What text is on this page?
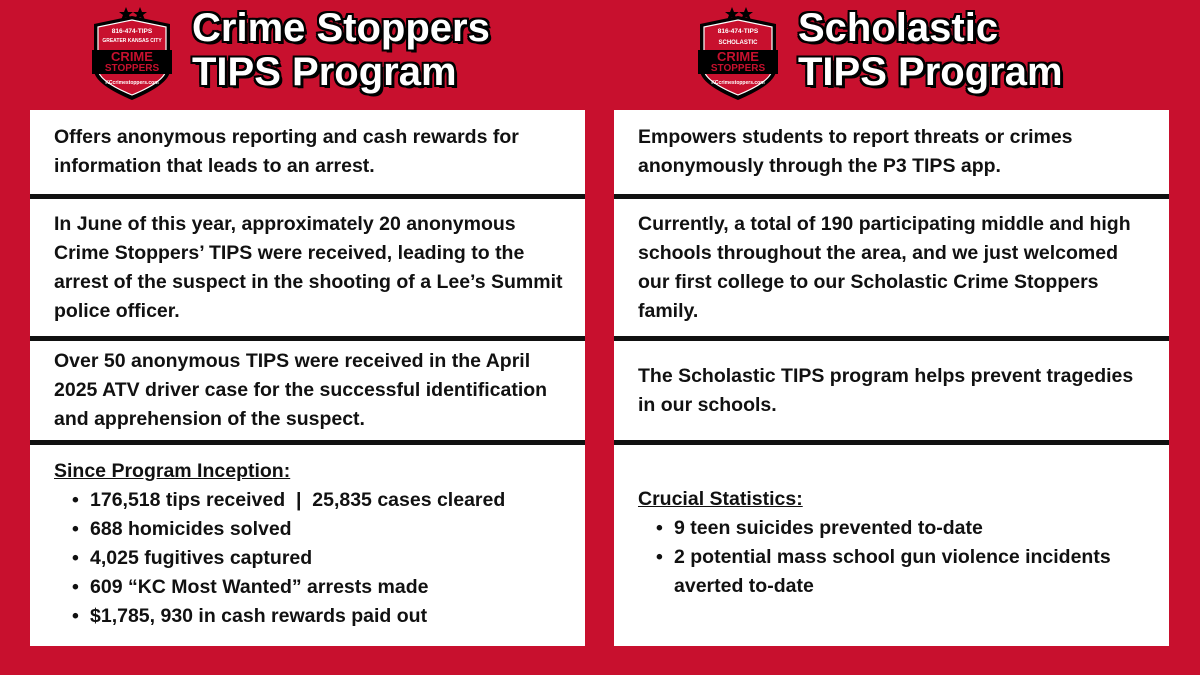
816-474-TIPS
GREATER KANSAS CITY
CRIME
STOPPERS
KCcrimestoppers.com
Crime Stoppers
TIPS Program
Offers anonymous reporting and cash rewards for information that leads to an arrest.
In June of this year, approximately 20 anonymous Crime Stoppers’ TIPS were received, leading to the arrest of the suspect in the shooting of a Lee’s Summit police officer.
Over 50 anonymous TIPS were received in the April 2025 ATV driver case for the successful identification and apprehension of the suspect.
Since Program Inception:
• 176,518 tips received  |  25,835 cases cleared
• 688 homicides solved
• 4,025 fugitives captured
• 609 “KC Most Wanted” arrests made
• $1,785, 930 in cash rewards paid out
816-474-TIPS
SCHOLASTIC
CRIME
STOPPERS
KCcrimestoppers.com
Scholastic
TIPS Program
Empowers students to report threats or crimes anonymously through the P3 TIPS app.
Currently, a total of 190 participating middle and high schools throughout the area, and we just welcomed our first college to our Scholastic Crime Stoppers family.
The Scholastic TIPS program helps prevent tragedies in our schools.
Crucial Statistics:
• 9 teen suicides prevented to-date
• 2 potential mass school gun violence incidents averted to-date
